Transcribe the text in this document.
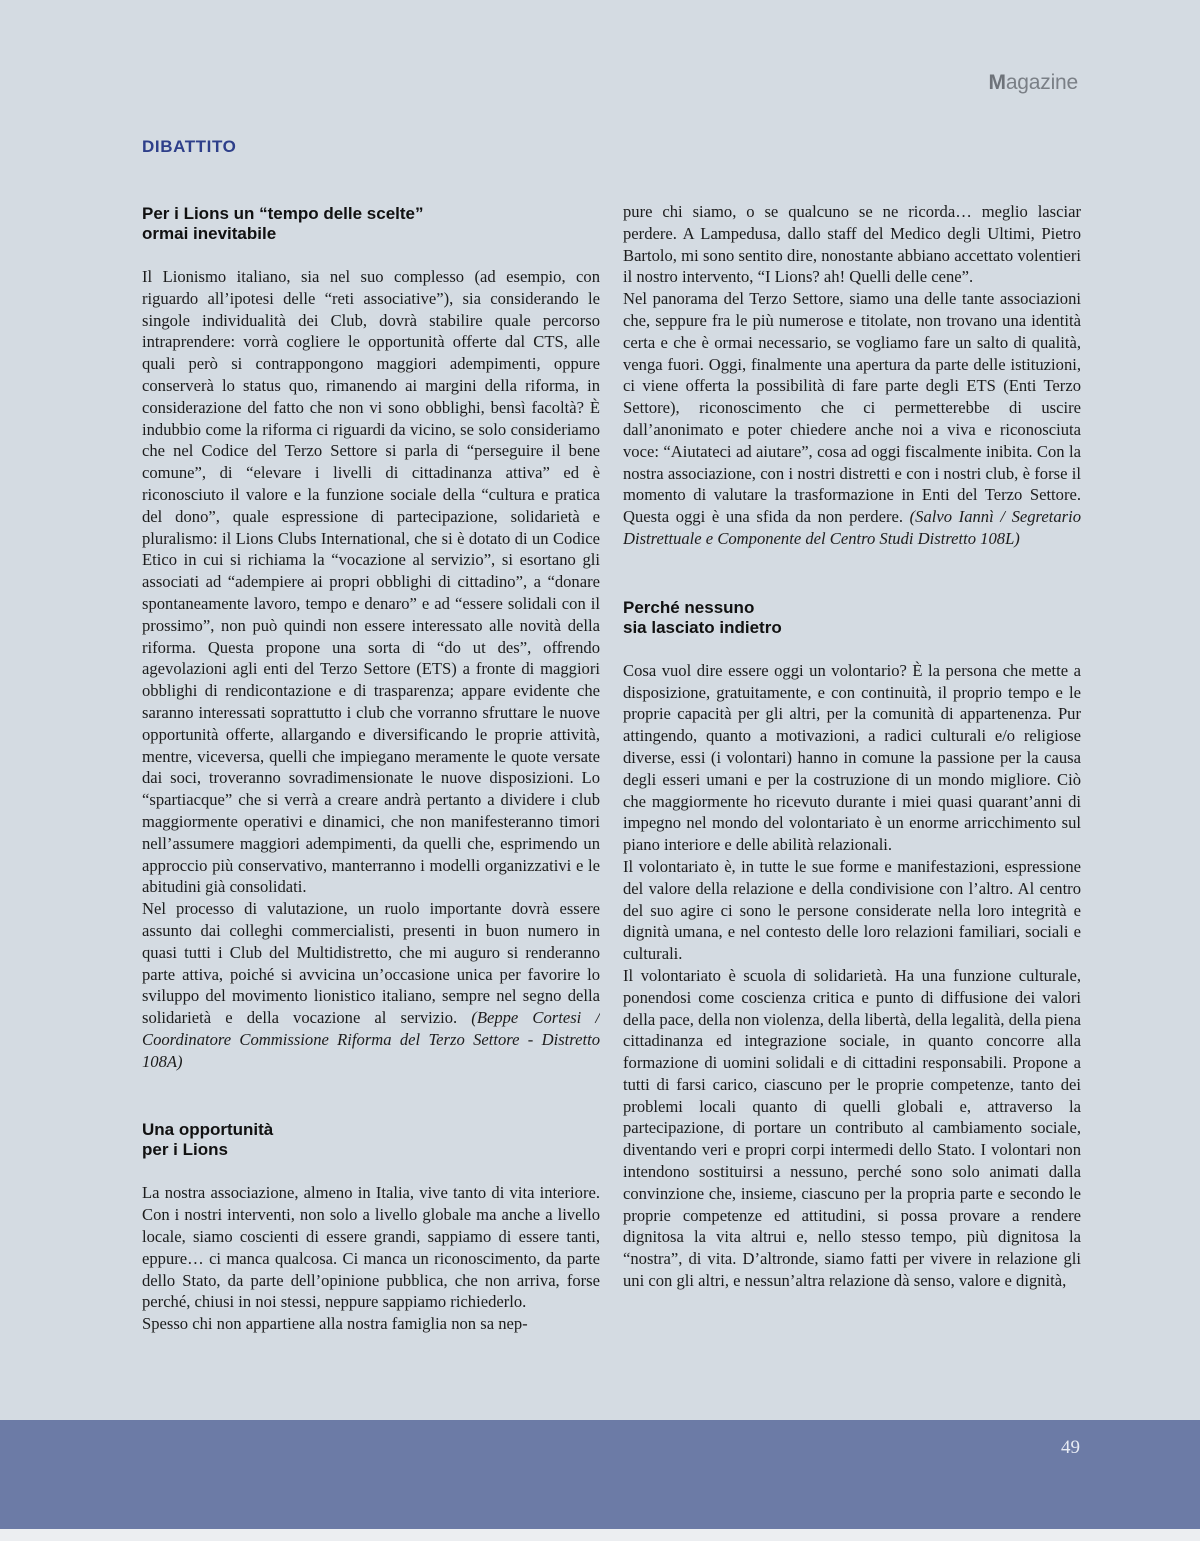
Magazine
DIBATTITO
Per i Lions un “tempo delle scelte”
ormai inevitabile

Il Lionismo italiano, sia nel suo complesso (ad esempio, con riguardo all’ipotesi delle “reti associative”), sia considerando le singole individualità dei Club, dovrà stabilire quale percorso intraprendere: vorrà cogliere le opportunità offerte dal CTS, alle quali però si contrappongono maggiori adempimenti, oppure conserverà lo status quo, rimanendo ai margini della riforma, in considerazione del fatto che non vi sono obblighi, bensì facoltà? È indubbio come la riforma ci riguardi da vicino, se solo consideriamo che nel Codice del Terzo Settore si parla di “perseguire il bene comune”, di “elevare i livelli di cittadinanza attiva” ed è riconosciuto il valore e la funzione sociale della “cultura e pratica del dono”, quale espressione di partecipazione, solidarietà e pluralismo: il Lions Clubs International, che si è dotato di un Codice Etico in cui si richiama la “vocazione al servizio”, si esortano gli associati ad “adempiere ai propri obblighi di cittadino”, a “donare spontaneamente lavoro, tempo e denaro” e ad “essere solidali con il prossimo”, non può quindi non essere interessato alle novità della riforma. Questa propone una sorta di “do ut des”, offrendo agevolazioni agli enti del Terzo Settore (ETS) a fronte di maggiori obblighi di rendicontazione e di trasparenza; appare evidente che saranno interessati soprattutto i club che vorranno sfruttare le nuove opportunità offerte, allargando e diversificando le proprie attività, mentre, viceversa, quelli che impiegano meramente le quote versate dai soci, troveranno sovradimensionate le nuove disposizioni. Lo “spartiacque” che si verrà a creare andrà pertanto a dividere i club maggiormente operativi e dinamici, che non manifesteranno timori nell’assumere maggiori adempimenti, da quelli che, esprimendo un approccio più conservativo, manterranno i modelli organizzativi e le abitudini già consolidati.

Nel processo di valutazione, un ruolo importante dovrà essere assunto dai colleghi commercialisti, presenti in buon numero in quasi tutti i Club del Multidistretto, che mi auguro si renderanno parte attiva, poiché si avvicina un’occasione unica per favorire lo sviluppo del movimento lionistico italiano, sempre nel segno della solidarietà e della vocazione al servizio. (Beppe Cortesi / Coordinatore Commissione Riforma del Terzo Settore - Distretto 108A)

Una opportunità
per i Lions

La nostra associazione, almeno in Italia, vive tanto di vita interiore. Con i nostri interventi, non solo a livello globale ma anche a livello locale, siamo coscienti di essere grandi, sappiamo di essere tanti, eppure… ci manca qualcosa. Ci manca un riconoscimento, da parte dello Stato, da parte dell’opinione pubblica, che non arriva, forse perché, chiusi in noi stessi, neppure sappiamo richiederlo.

Spesso chi non appartiene alla nostra famiglia non sa nep-

pure chi siamo, o se qualcuno se ne ricorda… meglio lasciar perdere. A Lampedusa, dallo staff del Medico degli Ultimi, Pietro Bartolo, mi sono sentito dire, nonostante abbiano accettato volentieri il nostro intervento, “I Lions? ah! Quelli delle cene”.

Nel panorama del Terzo Settore, siamo una delle tante associazioni che, seppure fra le più numerose e titolate, non trovano una identità certa e che è ormai necessario, se vogliamo fare un salto di qualità, venga fuori. Oggi, finalmente una apertura da parte delle istituzioni, ci viene offerta la possibilità di fare parte degli ETS (Enti Terzo Settore), riconoscimento che ci permetterebbe di uscire dall’anonimato e poter chiedere anche noi a viva e riconosciuta voce: “Aiutateci ad aiutare”, cosa ad oggi fiscalmente inibita. Con la nostra associazione, con i nostri distretti e con i nostri club, è forse il momento di valutare la trasformazione in Enti del Terzo Settore. Questa oggi è una sfida da non perdere. (Salvo Iannì / Segretario Distrettuale e Componente del Centro Studi Distretto 108L)

Perché nessuno
sia lasciato indietro

Cosa vuol dire essere oggi un volontario? È la persona che mette a disposizione, gratuitamente, e con continuità, il proprio tempo e le proprie capacità per gli altri, per la comunità di appartenenza. Pur attingendo, quanto a motivazioni, a radici culturali e/o religiose diverse, essi (i volontari) hanno in comune la passione per la causa degli esseri umani e per la costruzione di un mondo migliore. Ciò che maggiormente ho ricevuto durante i miei quasi quarant’anni di impegno nel mondo del volontariato è un enorme arricchimento sul piano interiore e delle abilità relazionali.

Il volontariato è, in tutte le sue forme e manifestazioni, espressione del valore della relazione e della condivisione con l’altro. Al centro del suo agire ci sono le persone considerate nella loro integrità e dignità umana, e nel contesto delle loro relazioni familiari, sociali e culturali.

Il volontariato è scuola di solidarietà. Ha una funzione culturale, ponendosi come coscienza critica e punto di diffusione dei valori della pace, della non violenza, della libertà, della legalità, della piena cittadinanza ed integrazione sociale, in quanto concorre alla formazione di uomini solidali e di cittadini responsabili. Propone a tutti di farsi carico, ciascuno per le proprie competenze, tanto dei problemi locali quanto di quelli globali e, attraverso la partecipazione, di portare un contributo al cambiamento sociale, diventando veri e propri corpi intermedi dello Stato. I volontari non intendono sostituirsi a nessuno, perché sono solo animati dalla convinzione che, insieme, ciascuno per la propria parte e secondo le proprie competenze ed attitudini, si possa provare a rendere dignitosa la vita altrui e, nello stesso tempo, più dignitosa la “nostra”, di vita. D’altronde, siamo fatti per vivere in relazione gli uni con gli altri, e nessun’altra relazione dà senso, valore e dignità,

49
